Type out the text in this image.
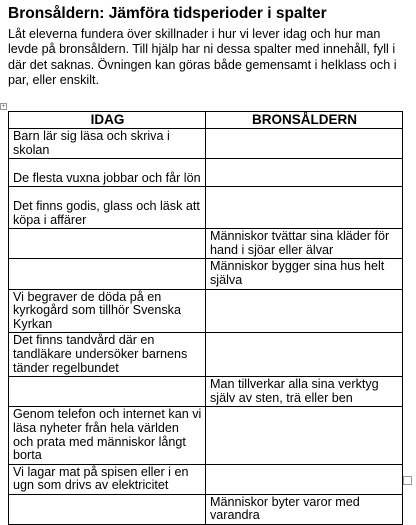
Bronsåldern: Jämföra tidsperioder i spalter
Låt eleverna fundera över skillnader i hur vi lever idag och hur man levde på bronsåldern. Till hjälp har ni dessa spalter med innehåll, fyll i där det saknas. Övningen kan göras både gemensamt i helklass och i par, eller enskilt.
+
IDAG	BRONSÅLDERN
Barn lär sig läsa och skriva i skolan	
De flesta vuxna jobbar och får lön	
Det finns godis, glass och läsk att köpa i affärer	
	Människor tvättar sina kläder för hand i sjöar eller älvar
	Människor bygger sina hus helt själva
Vi begraver de döda på en kyrkogård som tillhör Svenska Kyrkan	
Det finns tandvård där en tandläkare undersöker barnens tänder regelbundet	
	Man tillverkar alla sina verktyg själv av sten, trä eller ben
Genom telefon och internet kan vi läsa nyheter från hela världen och prata med människor långt borta	
Vi lagar mat på spisen eller i en ugn som drivs av elektricitet	
	Människor byter varor med varandra
